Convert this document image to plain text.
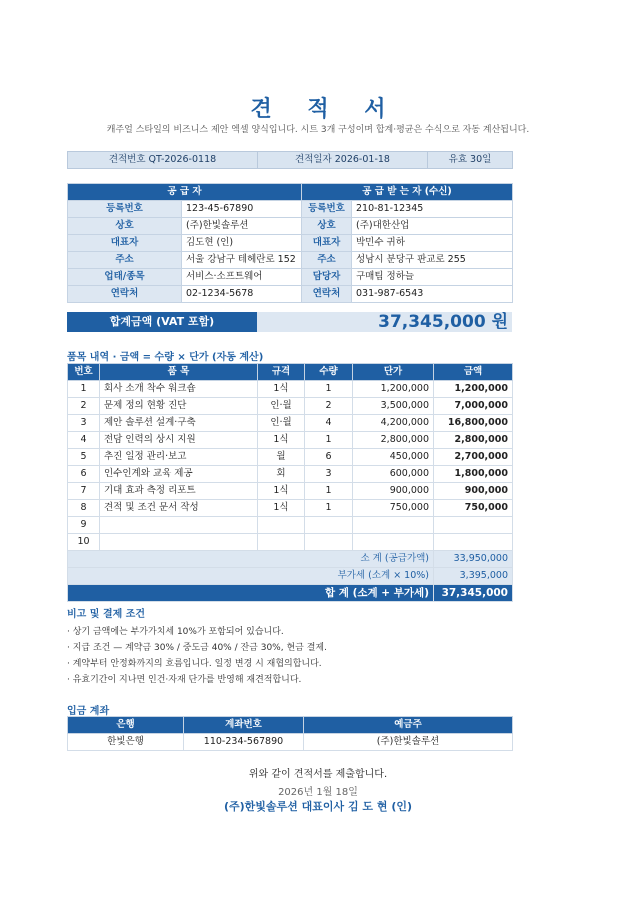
견 적 서
캐주얼 스타일의 비즈니스 제안 엑셀 양식입니다. 시트 3개 구성이며 합계·평균은 수식으로 자동 계산됩니다.
견적번호 QT-2026-0118	견적일자 2026-01-18	유효 30일
공 급 자		공 급 받 는 자 (수신)	
등록번호	123-45-67890	등록번호	210-81-12345
상호	(주)한빛솔루션	상호	(주)대한산업
대표자	김도현 (인)	대표자	박민수 귀하
주소	서울 강남구 테헤란로 152	주소	성남시 분당구 판교로 255
업태/종목	서비스·소프트웨어	담당자	구매팀 정하늘
연락처	02-1234-5678	연락처	031-987-6543
합계금액 (VAT 포함)	37,345,000 원
품목 내역 · 금액 = 수량 × 단가 (자동 계산)
번호	품 목	규격	수량	단가	금액
1	회사 소개 착수 워크숍	1식	1	1,200,000	1,200,000
2	문제 정의 현황 진단	인·월	2	3,500,000	7,000,000
3	제안 솔루션 설계·구축	인·월	4	4,200,000	16,800,000
4	전담 인력의 상시 지원	1식	1	2,800,000	2,800,000
5	추진 일정 관리·보고	월	6	450,000	2,700,000
6	인수인계와 교육 제공	회	3	600,000	1,800,000
7	기대 효과 측정 리포트	1식	1	900,000	900,000
8	견적 및 조건 문서 작성	1식	1	750,000	750,000
9					
10					
소 계 (공급가액)					33,950,000
부가세 (소계 × 10%)					3,395,000
합 계 (소계 + 부가세)					37,345,000
비고 및 결제 조건
· 상기 금액에는 부가가치세 10%가 포함되어 있습니다.
· 지급 조건 — 계약금 30% / 중도금 40% / 잔금 30%, 현금 결제.
· 계약부터 안정화까지의 흐름입니다. 일정 변경 시 재협의합니다.
· 유효기간이 지나면 인건·자재 단가를 반영해 재견적합니다.
입금 계좌
은행	계좌번호	예금주
한빛은행	110-234-567890	(주)한빛솔루션
위와 같이 견적서를 제출합니다.
2026년 1월 18일
(주)한빛솔루션 대표이사 김 도 현 (인)
